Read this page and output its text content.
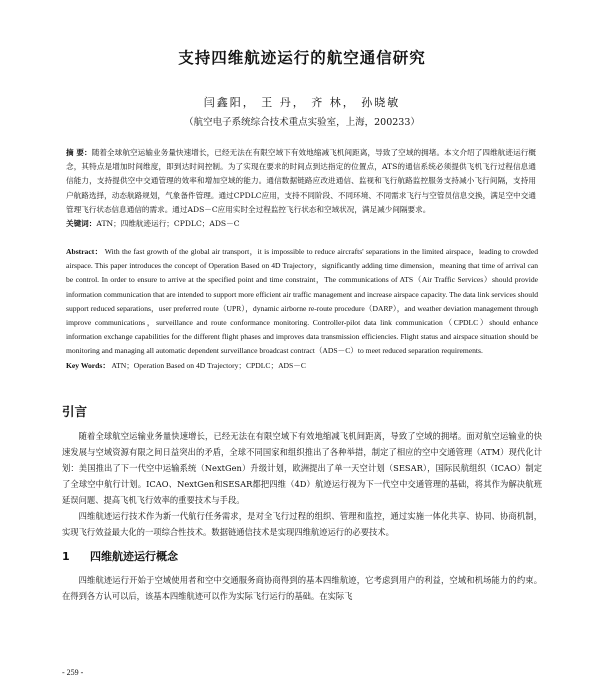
支持四维航迹运行的航空通信研究
闫鑫阳， 王 丹， 齐 林， 孙晓敏
（航空电子系统综合技术重点实验室，上海，200233）
摘 要：随着全球航空运输业务量快速增长，已经无法在有限空域下有效地缩减飞机间距离，导致了空域的拥堵。本文介绍了四维航迹运行概念，其特点是增加时间维度，即到达时间控制。为了实现在要求的时间点到达指定的位置点，ATS的通信系统必须提供飞机飞行过程信息通信能力，支持提供空中交通管理的效率和增加空域的能力。通信数据链路应改进通信、监视和飞行航路监控服务支持减小飞行间隔，支持用户航路选择，动态航路规划，气象备件管理。通过CPDLC应用，支持不同阶段、不同环境、不同需求飞行与空管员信息交换，满足空中交通管理飞行状态信息通信的需求。通过ADS－C应用实时全过程监控飞行状态和空域状况，满足减少间隔要求。
关键词：ATN；四维航迹运行；CPDLC；ADS－C
Abstract： With the fast growth of the global air transport，it is impossible to reduce aircrafts' separations in the limited airspace，leading to crowded airspace. This paper introduces the concept of Operation Based on 4D Trajectory，significantly adding time dimension，meaning that time of arrival can be control. In order to ensure to arrive at the specified point and time constraint，The communications of ATS（Air Traffic Services）should provide information communication that are intended to support more efficient air traffic management and increase airspace capacity. The data link services should support reduced separations，user preferred route（UPR），dynamic airborne re-route procedure（DARP），and weather deviation management through improve communications，surveillance and route conformance monitoring. Controller-pilot data link communication（CPDLC）should enhance information exchange capabilities for the different flight phases and improves data transmission efficiencies. Flight status and airspace situation should be monitoring and managing all automatic dependent surveillance broadcast contract（ADS－C）to meet reduced separation requirements.
Key Words： ATN；Operation Based on 4D Trajectory；CPDLC；ADS－C
引言

随着全球航空运输业务量快速增长，已经无法在有限空域下有效地缩减飞机间距离，导致了空域的拥堵。面对航空运输业的快速发展与空域资源有限之间日益突出的矛盾，全球不同国家和组织推出了各种举措，制定了相应的空中交通管理（ATM）现代化计划：美国推出了下一代空中运输系统（NextGen）升级计划，欧洲提出了单一天空计划（SESAR），国际民航组织（ICAO）制定了全球空中航行计划。ICAO、NextGen和SESAR都把四维（4D）航迹运行视为下一代空中交通管理的基础，将其作为解决航班延误问题、提高飞机飞行效率的重要技术与手段。

四维航迹运行技术作为新一代航行任务需求，是对全飞行过程的组织、管理和监控，通过实施一体化共享、协同、协商机制，实现飞行效益最大化的一项综合性技术。数据链通信技术是实现四维航迹运行的必要技术。

1 四维航迹运行概念

四维航迹运行开始于空域使用者和空中交通服务商协商得到的基本四维航迹，它考虑到用户的利益，空域和机场能力的约束。在得到各方认可以后，该基本四维航迹可以作为实际飞行运行的基础。在实际飞

- 259 -
